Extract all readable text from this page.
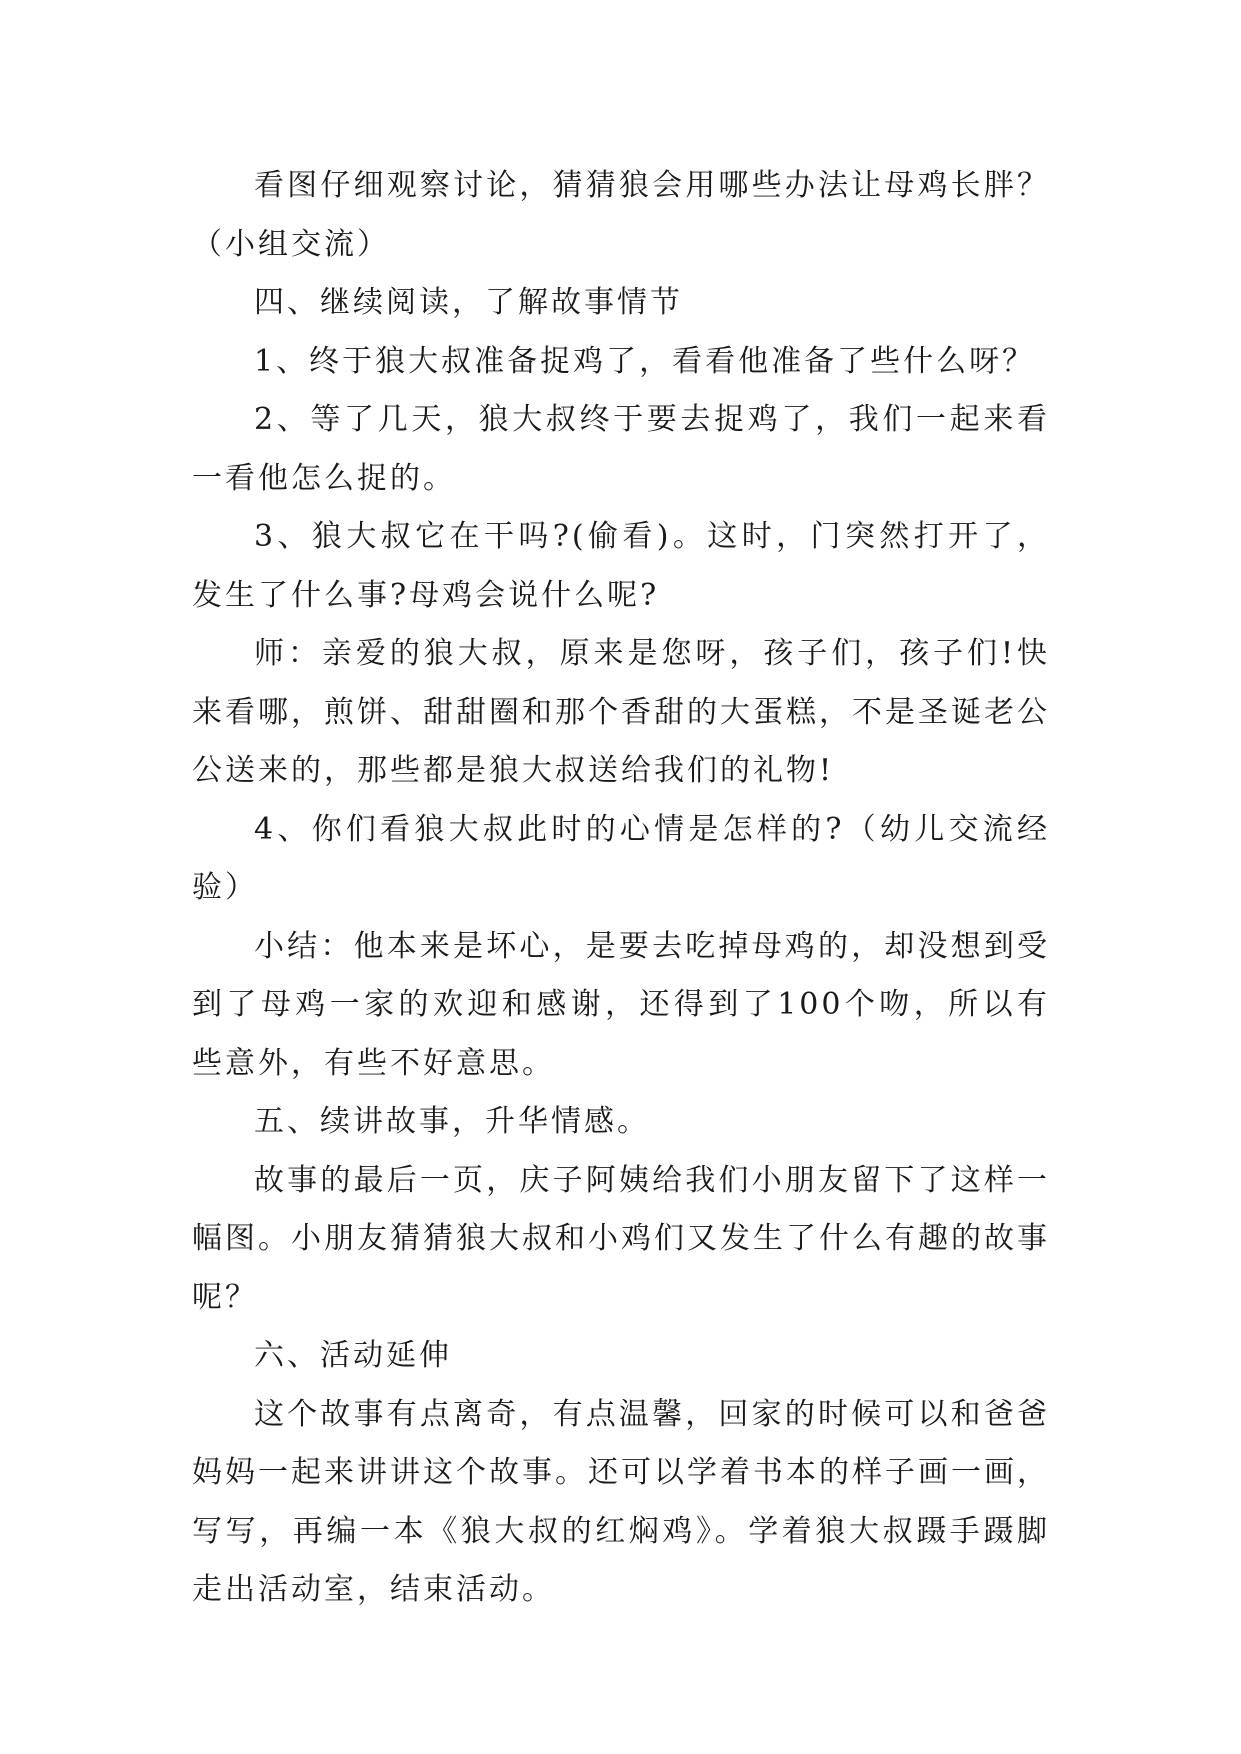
看图仔细观察讨论，猜猜狼会用哪些办法让母鸡长胖？（小组交流）

四、继续阅读，了解故事情节

1、终于狼大叔准备捉鸡了，看看他准备了些什么呀？

2、等了几天，狼大叔终于要去捉鸡了，我们一起来看一看他怎么捉的。

3、狼大叔它在干吗?(偷看)。这时，门突然打开了，发生了什么事?母鸡会说什么呢?

师：亲爱的狼大叔，原来是您呀，孩子们，孩子们!快来看哪，煎饼、甜甜圈和那个香甜的大蛋糕，不是圣诞老公公送来的，那些都是狼大叔送给我们的礼物!

4、你们看狼大叔此时的心情是怎样的?（幼儿交流经验）

小结：他本来是坏心，是要去吃掉母鸡的，却没想到受到了母鸡一家的欢迎和感谢，还得到了100个吻，所以有些意外，有些不好意思。

五、续讲故事，升华情感。

故事的最后一页，庆子阿姨给我们小朋友留下了这样一幅图。小朋友猜猜狼大叔和小鸡们又发生了什么有趣的故事呢？

六、活动延伸

这个故事有点离奇，有点温馨，回家的时候可以和爸爸妈妈一起来讲讲这个故事。还可以学着书本的样子画一画，写写，再编一本《狼大叔的红焖鸡》。学着狼大叔蹑手蹑脚走出活动室，结束活动。
